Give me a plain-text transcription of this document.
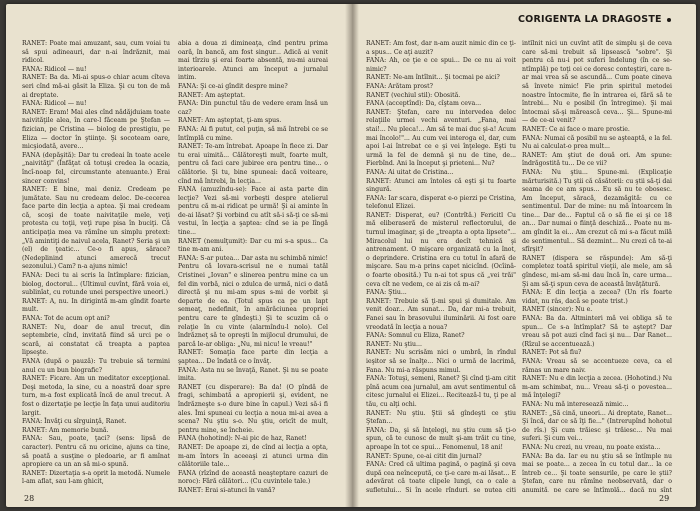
RANET: Poate mai amuzant, sau, cum voiai tu să spui adineauri, dar n-ai îndrăznit, mai ridicol.

FANA: Ridicol — nu!

RANET: Ba da. Mi-ai spus-o chiar acum cîteva seri cînd mă-ai găsit la Eliza. Şi cu ton de mă ai dreptate.

FANA: Ridicol — nu!

RANET: Eram! Mai ales cînd nădăjduiam toate naivităţile alea, în care-l făceam pe Ştefan — fizician, pe Cristina — biolog de prestigiu, pe Eliza — doctor în ştiinţe. Şi socoteam oare, micşiodată, avere...

FANA (depăşită): Dar tu credeai în toate acele „naivităţi" (Înfăţat că totuşi credea la ocazia, încî-noap fel, circumstante atenuante.) Erai sincer convins!

RANET: E bine, mai deniz. Credeam pe jumătate. Sau nu credeam deloc. De-cecerea face parte din lecţia a aptea. Şi mai credeam că, scoşi de toate naivitaţile mele, veţi protesta cu toţii, veţi rupe pisa în buciţi. Că anticipaţia mea va rămîne un simplu pretext: „Vă amintiţi de naivul acela, Ranet? Seria şi un (el) de ţeatic... Ce-o fi apus, sărace? (Nedeplinind atunci amerecă trecut sezonului.) Cam? n-a ajuns nimic!

FANA: Deci tu ai scris la întîmplare: fizician, biolog, doctorul... (Ultimul cuvînt, fără voia ei, sublinîat, cu rotunde unei perspective uneori.)

RANET: A, nu. In dirigintă m-am gîndit foarte mult.

FANA: Tot de acum opt ani?

RANET: Nu, doar de anul trecut, din septembrie, cînd, invitată fiind să urci pe o scară, ai constatat că treapta a paptea lipseşte.

FANA (după o pauză): Tu trebuie să termini anul cu un bun biografic?

RANET: Ficare. Am un meditator excepţional. Deşi metoda, la sine, cu a noastră doar spre turn, m-a fost explicată încă de anul trecut. A fost o dizertaţie pe lecţie în faţa unui auditoriu largit.

FANA: Învăţi cu sîrguinţă, Ranet.

RANET: Am memorie bună.

FANA: Sau, poate, ţaci? (sens: lipsă de caracter). Pentru că nu oricine, ajuns ca tine, să poată a susţine o pledoarie, ar fi amînat apropiere ca un an să mi-o spună.

RANET: Dizertaţia s-a oprit la metodă. Numele l-am aflat, sau l-am ghicit,

abia a doua zi dimineaţa, cînd pentru prima oară, în bancă, am fost singur... Adică ai venit mai tîrziu şi erai foarte absentă, nu-mi aureai interioarele. Atunci am început a jurnalul intim.

FANA: Şi ce-ai gîndit despre mine?

RANET: Am aşteptat.

FANA: Din punctul tău de vedere eram însă un caz?

RANET: Am aşteptat, ţi-am spus.

FANA: Ai fi putut, cel puţin, să mă întrebi ce se întîmplă cu mine.

RANET: Te-am întrebat. Apoape în fiece zi. Dar tu erai uimită... Călătoreşti mult, foarte mult, pentru că faci care jubiree era pentru tine... o călătorie. Şi tu, bine spuneai: dacă voiteare, cînd mă întrebi, în lecţia...

FANA (amuzîndu-se): Face ai asta parte din lecţie? Vezi să-mi vorbeşti despre atelierul pentru că m-ai ridicat pe urmă! Şi ai aminte în de-ai lăsat? Şi vorbind cu atît să-i să-ţi ce să-mi vestui, în lecţia a şaptea: cînd se ia pe lîngă tine...

RANET (nemulţumit): Dar cu mi s-a spus... Ca tine m-am ani.

FANA: S-ar putea... Dar asta nu schimbă nimic! Pentru că lovara-scrisul ne e numai tatăl Cristinei „Iovan" e slinerea pentru mine ca un fel din vorbă, nici o zdulca de urmă, nici o dată directă şi nu mi-am spus s-mi de vorbit şi departe de ea. (Totul spus ca pe un lapt semeaţ, nedefinit, în amărăciunea propriei pentru care te gîndeşti.) Şi te scuzim că o relaţie în cu vinte (alarmîndu-l nolo). Cel îndrăzneţ să te opreşti în mijlocul drumului, de parcă le-ar obliga: „Nu, mi nicu! le vreau!"

RANET: Somaţia face parte din lecţia a şaptea... De îndată ce o învăţ.

FANA: Asta nu se învaţă, Ranet. Şi nu se poate imita.

RANET (cu disperare): Ba da! (O pîndă de fragi, schimbată a apropierii şi, evident, ne îndrăzneşte s-o dure bine în capul.) Vezi să-i fi ales. Îmi spuneai cu lecţia a noua mi-ai avea a scena? Nu ştiu s-o. Nu ştiu, oricît de mult, pentru mine, se încheie.

FANA (hohotind): N-ai pic de haz, Ranet!

RANET: De apoape zi, de cînd ai lecţia a opta, m-am întors în aceeaşi zi atunci urma din călătoriile tale...

FANA (rîzînd de această neaşteptare cazuri de noroc): Fără călători... (Cu cuvintele tale.)

RANET: Erai şi-atunci în vană?

28
CORIGENTA LA DRAGOSTE

RANET: Am fost, dar n-am auzit nimic din ce ţi-a spus... Ce aţi auzit?

FANA: Ah, ce ţie e ce spui... De ce nu ai voit nimic?

RANET: Ne-am întîlnit... Şi tocmai pe aici?

FANA: Arătam prost?

RANET (vechiul stil): Obosită.

FANA (acceptînd): Da, cîştam ceva...

RANET: Ştefan, care nu intervedea deloc relaţiile urmei vechi aventuri. „Fana, mai stai!... Nu pleca!... Am să te mai duc şi-a! Acum mai încolo!"... Au cum vei interoga el, dar, cum apoi l-ai întrebat ce e şi vei înţelege. Eşti tu urmă la fel de demnă şi nu de tine, de... Fierbînd. Ani la început şi prieteni... Nu?

FANA: Ai uitat de Cristina...

RANET: Atunci am întoles că eşti şi tu foarte singură.

FANA: Iar scara, disperat e-o pierzi pe Cristina, telefonul Elizei.

RANET: Disperat, eu? (Contrîtă.) Fericitl Cu mă eliberaseră de misterul reflectorului, de turnul imaginar, şi de „treapta a opta lipsete"... Miracolul lui nu era decît tehnică şi antrenament. O mişcare organizată cu la înot, o deprindere. Cristina era cu totul în afară de mişcare. Sau m-a prins capet nicicînd. (Ocîină-o foarte obosită.) Tu n-ai tot spus că „vei trăi" ceva cît ne vedem, ce ai zis că m-ai?

FANA: Ştiu...

RANET: Trebuie să ţi-mi spui şi dumitale. Am venit doar... Am sunat... Da, dar mi-a trebuit, Fanei sau în brasovului iluminării. Ai fost oare vreodată în lecţia a noua?

FANA: Somnul cu Eliza, Ranet?

RANET: Nu ştiu...

RANET: Nu scrisăm nici o umbră, în rîndul ieşitor să se înalţe... Nici o urmă de lacrimă, Fana. Nu mi-a răspuns mimul.

FANA: Totuşi, semeni, Ranet? Şi cînd ţi-am citit pînă acum cea jurnalul, am avut sentimentul că citesc jurnalul ei Elizei... Recitează-l tu, ţi pe al tău, cu alţi ochi.

RANET: Nu ştiu. Ştii să gîndeşti ce ştiu Ştefan...

FANA: Da, şi să înţelegi, nu ştiu cum să ţi-o spun, că te cunosc de mult şi-am trăit cu tine, aproape în tot ce spui... Fenomenul, 18 ani!

RANET: Spune, ce-ai citit din jurnal?

FANA: Cred că ultima pagină, o pagină şi ceva după cea neîncepută, ce ţi-e care m-ai lăsat... E adevărat că toate clipele lungi, ca o cale a sufletului... Şi în acele rînduri, se putea citi

intîlnit nici un cuvînt atît de simplu şi de ceva care să-mi trebuit să lipsească "sobre". Şi pentru că nu-i pot suferi îndelung (în ce se-ntîmplă) pe toţi cei ce doresc conteştiri, care n-ar mai vrea să se ascundă... Cum poate cineva să învete nimic! Fie prin spiritul metodei noastre întocmite, fie în intrarea ei, fără să te întrebi... Nu e posibil (în întregime). Şi mai întocmai să-şi mărească ceva... Şi... Spune-mi — de ce-ai venit?

RANET: Ce ai face o mare prostie.

FANA: Numai că posibil nu se aşteaptă, e la fel. Nu ai calculat-o prea mult...

RANET: Am ştiut de două ori. Am spune: îndrăgostită tu... De ce vii?

FANA: Nu ştiu... Spune-mi. (Explicaţie mărturisită.) Tu ştii că căsătorii: cu ştii să-ţi dai seama de ce am spus... Eu să nu te obosesc. Am început, săracă, dezamăgită: cu ce sentimentul. Dar de mine: nu mă întoarcem în tine... Dar de... Faptul că o să fie ei şi ce 18 an... Dar numai o fiinţă deschiză... Poate nu m-am gîndit la ei... Am crezut că mi s-a făcut milă de sentimentul... Să dezmint... Nu crezi că te-ai sfîrşit?

RANET (dispera se răspunde): Am să-ţi completez toată spiritul vieţii, ale mele, am să gîndesc, mi-am să-mi dau încă în, care urma... Şi am să-ţi spun ceva de această învăţătură.

FANA: E din lecţia a zecea? (Un rîs foarte vidat, nu râs, dacă se poate trist.)

RANET (sincer): Nu e.

FANA: Ba da. Altminteri mă vei obliga să te spun... Ce s-a întîmplat? Să te aştept? Dar vreau să pot auzi cînd faci şi nu... Dar Ranet... (Rîzul se accentuează.)

RANET: Pot să fiu?

FANA: Vreau să se accentueze ceva, ca el rămas un mare naiv.

RANET: Nu e din lecţia a zecea. (Hohotind.) Nu m-am schimbat, nu... Vreau să-ţi o povestea... mă înţelegi?

FANA: Nu mă interesează nimic...

RANET: „Să cină, uneori... Ai dreptate, Ranet... Şi încă, dar ce să îţi fie..." (Intrerupînd hohotul de rîs.) Şi cum trăiesc şi trăiesc... Nu mai suferi. Şi cum vei...

FANA: Nu crezi, nu vreau, nu poate exista...

FANA: Ba da. Iar eu nu ştiu să se întîmple nu mai se poate... a zecea în cu totul dar... la ce întreb ce... Şi toate sensurile, pe care le ştii? Ştefan, care nu rămîne neobservată, dar o anumită, pe care se întîmplă... dacă nu sînt

29
